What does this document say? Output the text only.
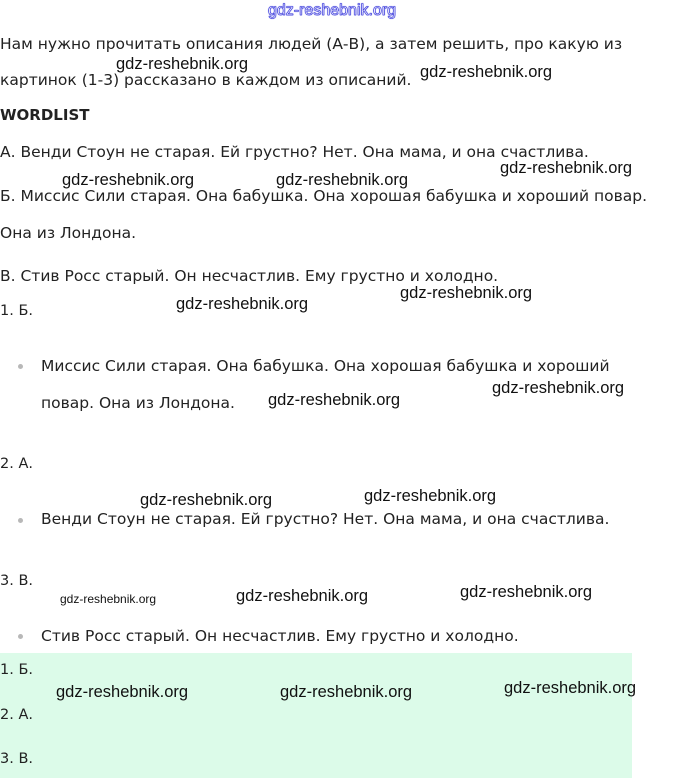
gdz-reshebnik.org
Нам нужно прочитать описания людей (А-В), а затем решить, про какую из
картинок (1-3) рассказано в каждом из описаний.
WORDLIST
А. Венди Стоун не старая. Ей грустно? Нет. Она мама, и она счастлива.
Б. Миссис Сили старая. Она бабушка. Она хорошая бабушка и хороший повар.
Она из Лондона.
В. Стив Росс старый. Он несчастлив. Ему грустно и холодно.
1. Б.
Миссис Сили старая. Она бабушка. Она хорошая бабушка и хороший
повар. Она из Лондона.
2. А.
Венди Стоун не старая. Ей грустно? Нет. Она мама, и она счастлива.
3. В.
Стив Росс старый. Он несчастлив. Ему грустно и холодно.
1. Б.
2. А.
3. В.
gdz-reshebnik.org	gdz-reshebnik.org
gdz-reshebnik.org
gdz-reshebnik.org	gdz-reshebnik.org
gdz-reshebnik.org
gdz-reshebnik.org
gdz-reshebnik.org
gdz-reshebnik.org
gdz-reshebnik.org
gdz-reshebnik.org
gdz-reshebnik.org	gdz-reshebnik.org	gdz-reshebnik.org
gdz-reshebnik.org	gdz-reshebnik.org	gdz-reshebnik.org
